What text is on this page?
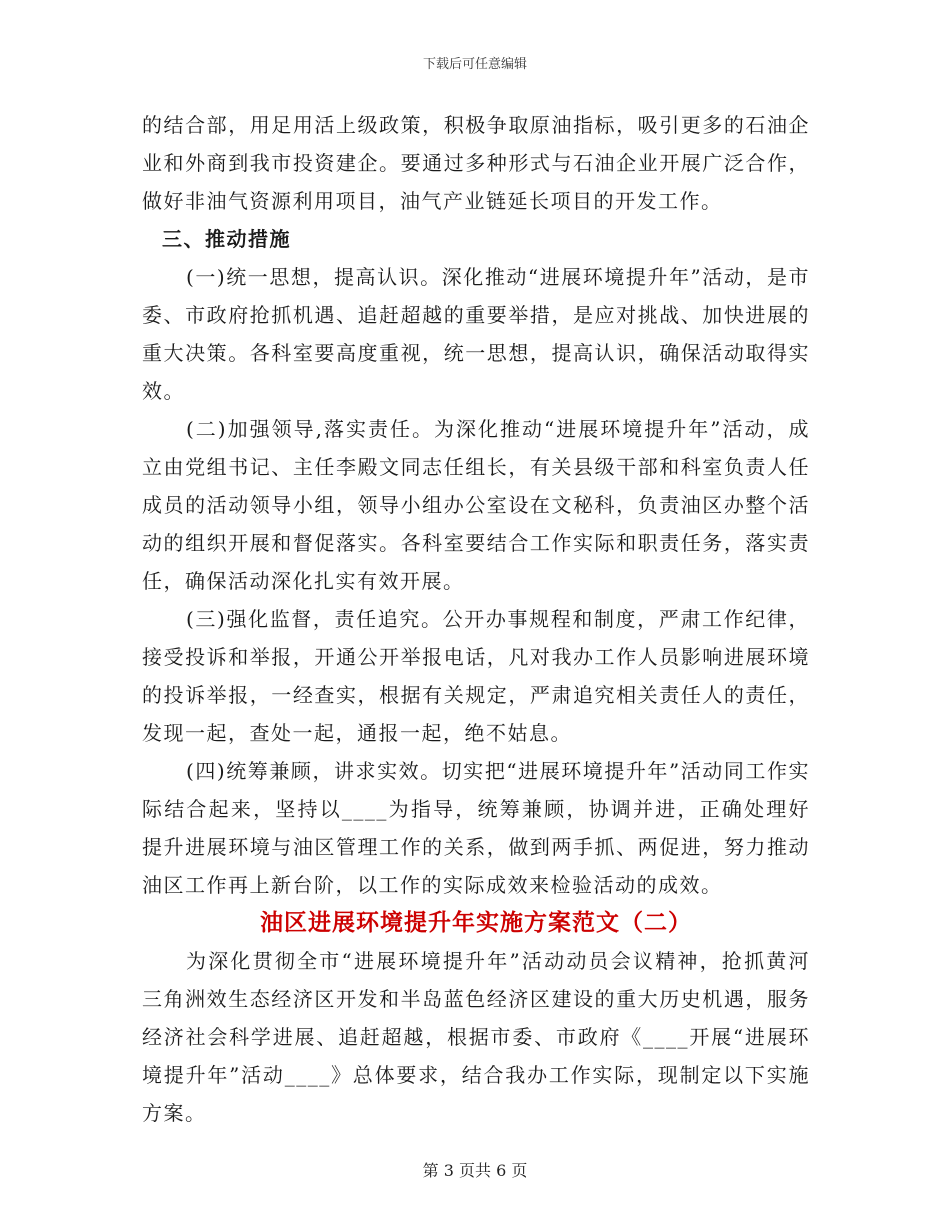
下载后可任意编辑

的结合部，用足用活上级政策，积极争取原油指标，吸引更多的石油企业和外商到我市投资建企。要通过多种形式与石油企业开展广泛合作，做好非油气资源利用项目，油气产业链延长项目的开发工作。

三、推动措施

(一)统一思想，提高认识。深化推动“进展环境提升年”活动，是市委、市政府抢抓机遇、追赶超越的重要举措，是应对挑战、加快进展的重大决策。各科室要高度重视，统一思想，提高认识，确保活动取得实效。

(二)加强领导,落实责任。为深化推动“进展环境提升年”活动，成立由党组书记、主任李殿文同志任组长，有关县级干部和科室负责人任成员的活动领导小组，领导小组办公室设在文秘科，负责油区办整个活动的组织开展和督促落实。各科室要结合工作实际和职责任务，落实责任，确保活动深化扎实有效开展。

(三)强化监督，责任追究。公开办事规程和制度，严肃工作纪律，接受投诉和举报，开通公开举报电话，凡对我办工作人员影响进展环境的投诉举报，一经查实，根据有关规定，严肃追究相关责任人的责任，发现一起，查处一起，通报一起，绝不姑息。

(四)统筹兼顾，讲求实效。切实把“进展环境提升年”活动同工作实际结合起来，坚持以____为指导，统筹兼顾，协调并进，正确处理好提升进展环境与油区管理工作的关系，做到两手抓、两促进，努力推动油区工作再上新台阶，以工作的实际成效来检验活动的成效。

油区进展环境提升年实施方案范文（二）

为深化贯彻全市“进展环境提升年”活动动员会议精神，抢抓黄河三角洲效生态经济区开发和半岛蓝色经济区建设的重大历史机遇，服务经济社会科学进展、追赶超越，根据市委、市政府《____开展“进展环境提升年”活动____》总体要求，结合我办工作实际，现制定以下实施方案。

第 3 页共 6 页
